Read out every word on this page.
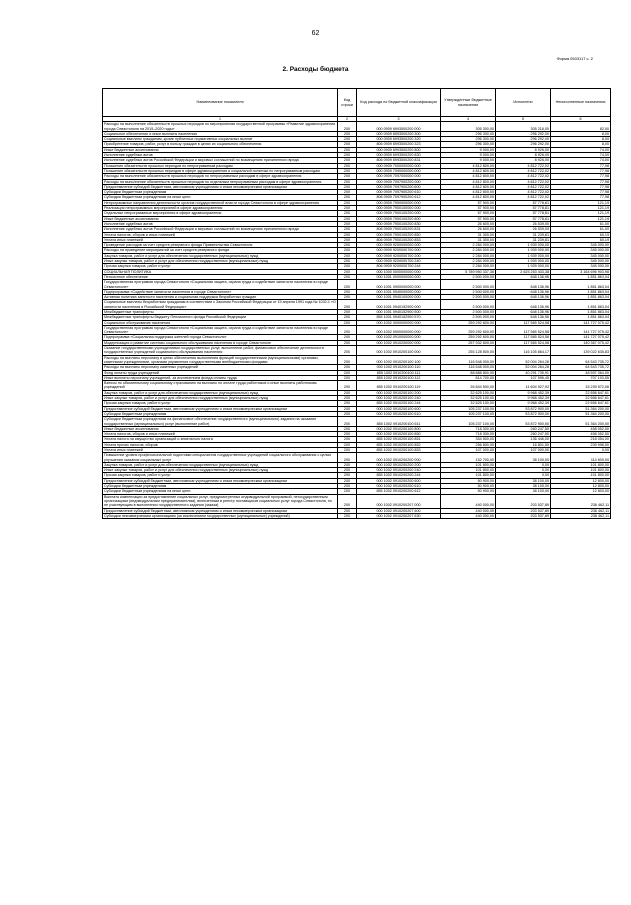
62
Форма 0503117 с. 2
2. Расходы бюджета
Наименование показателя	Код строки	Код расхода по бюджетной классификации	Утвержденные бюджетные назначения	Исполнено	Неисполненные назначения
1	2	3	4	5	6
Расходы на выполнение обязательств прошлых периодов по мероприятиям государственной программы «Развитие здравоохранения города Севастополя на 2015–2020 годы»	200	000 0909 6993500200 000	305 300,00	305 218,00	82,00
Социальное обеспечение и иные выплаты населению	200	000 0909 6993500200 300	296 300,00	296 292,00	8,00
Социальные выплаты гражданам, кроме публичных нормативных социальных выплат	200	000 0909 6993500200 320	296 300,00	296 292,00	8,00
Приобретение товаров, работ, услуг в пользу граждан в целях их социального обеспечения	200	806 0909 6993500200 323	296 300,00	296 292,00	8,00
Иные бюджетные ассигнования	200	000 0909 6993500200 800	9 000,00	8 926,00	74,00
Исполнение судебных актов	200	000 0909 6993500200 830	9 000,00	8 926,00	74,00
Исполнение судебных актов Российской Федерации и мировых соглашений по возмещению причиненного вреда	200	806 0909 6993500200 831	9 000,00	8 926,00	74,00
Погашение обязательств прошлых периодов по непрограммным расходам	200	000 0909 7000000000 000	4 812 800,00	4 812 722,02	77,98
Погашение обязательств прошлых периодов в сфере здравоохранения и социальной политики по непрограммным расходам	200	000 0909 7090000000 000	4 812 800,00	4 812 722,02	77,98
Расходы на выполнение обязательств прошлых периодов по непрограммным расходам в сфере здравоохранения	200	000 0909 7097000000 000	4 812 800,00	4 812 722,02	77,98
Расходы на выполнение обязательств прошлых периодов по отдельным непрограммным расходам в сфере здравоохранения	200	000 0909 7097900200 000	4 812 800,00	4 812 722,02	77,98
Предоставление субсидий бюджетным, автономным учреждениям и иным некоммерческим организациям	200	000 0909 7097900200 600	4 812 800,00	4 812 722,02	77,98
Субсидии бюджетным учреждениям	200	000 0909 7097900200 610	4 812 800,00	4 812 722,02	77,98
Субсидии бюджетным учреждениям на иные цели	200	806 0909 7097900200 612	4 812 800,00	4 812 722,02	77,98
Непрограммные направления деятельности органов государственной власти города Севастополя в сфере здравоохранения	200	000 0909 7900000000 000	57 900,00	57 778,81	121,19
Реализация непрограммных мероприятий в сфере здравоохранения	200	000 0909 7900100000 000	57 900,00	57 778,81	121,19
Отдельные непрограммные мероприятия в сфере здравоохранения	200	000 0909 7900100200 000	57 900,00	57 778,81	121,19
Иные бюджетные ассигнования	200	000 0909 7900100200 800	57 900,00	57 778,81	121,19
Исполнение судебных актов	200	000 0909 7900100200 830	26 600,00	26 539,00	61,00
Исполнение судебных актов Российской Федерации и мировых соглашений по возмещению причиненного вреда	200	806 0909 7900100200 831	26 600,00	26 539,00	61,00
Уплата налогов, сборов и иных платежей	200	000 0909 7900100200 850	31 300,00	31 239,81	60,19
Уплата иных платежей	200	806 0909 7900100200 853	31 300,00	31 239,81	60,19
Проведение расходов за счет средств резервного фонда Правительства Севастополя	200	000 0909 9200000000 000	2 284 000,00	1 939 000,00	345 000,00
Расходы на проведение мероприятий за счет средств резервного фонда	200	000 0909 9200000700 000	2 284 000,00	1 939 000,00	345 000,00
Закупка товаров, работ и услуг для обеспечения государственных (муниципальных) нужд	200	000 0909 9200000700 200	2 284 000,00	1 939 000,00	345 000,00
Иные закупки товаров, работ и услуг для обеспечения государственных (муниципальных) нужд	200	000 0909 9200000700 240	2 284 000,00	1 939 000,00	345 000,00
Прочая закупка товаров, работ и услуг	200	806 0909 9200000700 244	2 284 000,00	1 939 000,00	345 000,00
СОЦИАЛЬНАЯ ПОЛИТИКА	200	000 1000 0000000000 000	5 789 950 337,36	2 625 253 433,38	3 164 696 903,98
Пенсионное обеспечение	200	000 1001 0000000000 000	2 500 000,00	648 136,96	1 851 863,04
Государственная программа города Севастополя «Социальная защита, охрана труда и содействие занятости населения в городе Севастополе»	200	000 1001 0900000000 000	2 500 000,00	648 136,96	1 851 863,04
Подпрограмма «Содействие занятости населения в городе Севастополе»	200	000 1001 0940000000 000	2 500 000,00	648 136,96	1 851 863,04
Активная политика занятости населения и социальная поддержка безработных граждан	200	000 1001 0940100000 000	2 500 000,00	648 136,96	1 851 863,04
Социальные выплаты безработным гражданам в соответствии с Законом Российской Федерации от 19 апреля 1991 года № 1032-1 «О занятости населения в Российской Федерации»	200	000 1001 0940152900 000	2 500 000,00	648 136,96	1 851 863,04
Межбюджетные трансферты	200	000 1001 0940152900 500	2 500 000,00	648 136,96	1 851 863,04
Межбюджетные трансферты бюджету Пенсионного фонда Российской Федерации	200	855 1001 0940152900 570	2 500 000,00	648 136,96	1 851 863,04
Социальное обслуживание населения	200	000 1002 0000000000 000	259 292 600,00	117 565 524,58	141 727 075,42
Государственная программа города Севастополя «Социальная защита, охрана труда и содействие занятости населения в городе Севастополе»	200	000 1002 0900000000 000	259 292 600,00	117 565 524,58	141 727 075,42
Подпрограмма «Социальная поддержка жителей города Севастополя»	200	000 1002 0910000000 000	259 292 600,00	117 565 524,58	141 727 075,42
Модернизация и развитие системы социального обслуживания населения в городе Севастополе	200	000 1002 0910200000 000	257 932 600,00	117 565 524,58	140 367 075,42
Оказание государственными учреждениями государственных услуг, выполнение работ, финансовое обеспечение деятельности государственных учреждений социального обслуживания населения	200	000 1002 0910200100 000	255 128 500,00	116 105 864,17	139 022 635,83
Расходы на выплаты персоналу в целях обеспечения выполнения функций государственными (муниципальными) органами, казенными учреждениями, органами управления государственными внебюджетными фондами	200	000 1002 0910200100 100	116 548 000,00	52 004 264,28	64 543 735,72
Расходы на выплаты персоналу казенных учреждений	200	000 1002 0910200100 110	116 548 000,00	52 004 264,28	64 543 735,72
Фонд оплаты труда учреждений	200	855 1002 0910200100 111	88 888 800,00	40 291 735,91	48 597 064,09
Иные выплаты персоналу учреждений, за исключением фонда оплаты труда	200	855 1002 0910200100 112	814 700,00	107 596,45	707 103,55
Взносы по обязательному социальному страхованию на выплаты по оплате труда работников и иные выплаты работникам учреждений	200	855 1002 0910200100 119	26 844 500,00	11 604 927,92	15 239 572,08
Закупка товаров, работ и услуг для обеспечения государственных (муниципальных) нужд	200	000 1002 0910200100 200	32 625 100,00	9 968 452,39	22 656 647,61
Иные закупки товаров, работ и услуг для обеспечения государственных (муниципальных) нужд	200	000 1002 0910200100 240	32 625 100,00	9 968 452,39	22 656 647,61
Прочая закупка товаров, работ и услуг	200	855 1002 0910200100 244	32 625 100,00	9 968 452,39	22 656 647,61
Предоставление субсидий бюджетным, автономным учреждениям и иным некоммерческим организациям	200	000 1002 0910200100 600	105 237 100,00	53 872 900,00	51 364 200,00
Субсидии бюджетным учреждениям	200	000 1002 0910200100 610	105 237 100,00	53 872 900,00	51 364 200,00
Субсидии бюджетным учреждениям на финансовое обеспечение государственного (муниципального) задания на оказание государственных (муниципальных) услуг (выполнение работ)	200	855 1002 0910200100 611	105 237 100,00	53 872 900,00	51 364 200,00
Иные бюджетные ассигнования	200	000 1002 0910200100 800	718 300,00	260 247,50	458 052,50
Уплата налогов, сборов и иных платежей	200	000 1002 0910200100 850	718 300,00	260 247,50	458 052,50
Уплата налога на имущество организаций и земельного налога	200	855 1002 0910200100 851	354 500,00	136 446,00	218 054,00
Уплата прочих налогов, сборов	200	855 1002 0910200100 852	256 800,00	16 801,50	239 998,50
Уплата иных платежей	200	855 1002 0910200100 853	107 000,00	107 000,00	0,00
Повышение уровня профессиональной подготовки специалистов государственных учреждений социального обслуживания с целью улучшения оказания социальных услуг	200	000 1002 0910200200 000	152 700,00	38 100,00	114 600,00
Закупка товаров, работ и услуг для обеспечения государственных (муниципальных) нужд	200	000 1002 0910200200 200	101 800,00	0,00	101 800,00
Иные закупки товаров, работ и услуг для обеспечения государственных (муниципальных) нужд	200	000 1002 0910200200 240	101 800,00	0,00	101 800,00
Прочая закупка товаров, работ и услуг	200	855 1002 0910200200 244	101 800,00	0,00	101 800,00
Предоставление субсидий бюджетным, автономным учреждениям и иным некоммерческим организациям	200	000 1002 0910200200 600	50 900,00	38 100,00	12 800,00
Субсидии бюджетным учреждениям	200	000 1002 0910200200 610	50 900,00	38 100,00	12 800,00
Субсидии бюджетным учреждениям на иные цели	200	855 1002 0910200200 612	50 900,00	38 100,00	12 800,00
Выплата компенсации за предоставление социальных услуг, предусмотренных индивидуальной программой, негосударственным организациям (индивидуальным предпринимателям), включенным в реестр поставщиков социальных услуг города Севастополя, но не участвующим в выполнении государственного задания (заказа)	200	000 1002 0910200207 000	440 000,00	203 537,89	236 462,11
Предоставление субсидий бюджетным, автономным учреждениям и иным некоммерческим организациям	200	000 1002 0910200207 600	440 000,00	203 537,89	236 462,11
Субсидии некоммерческим организациям (за исключением государственных (муниципальных) учреждений)	200	000 1002 0910200207 630	440 000,00	203 537,89	236 462,11
